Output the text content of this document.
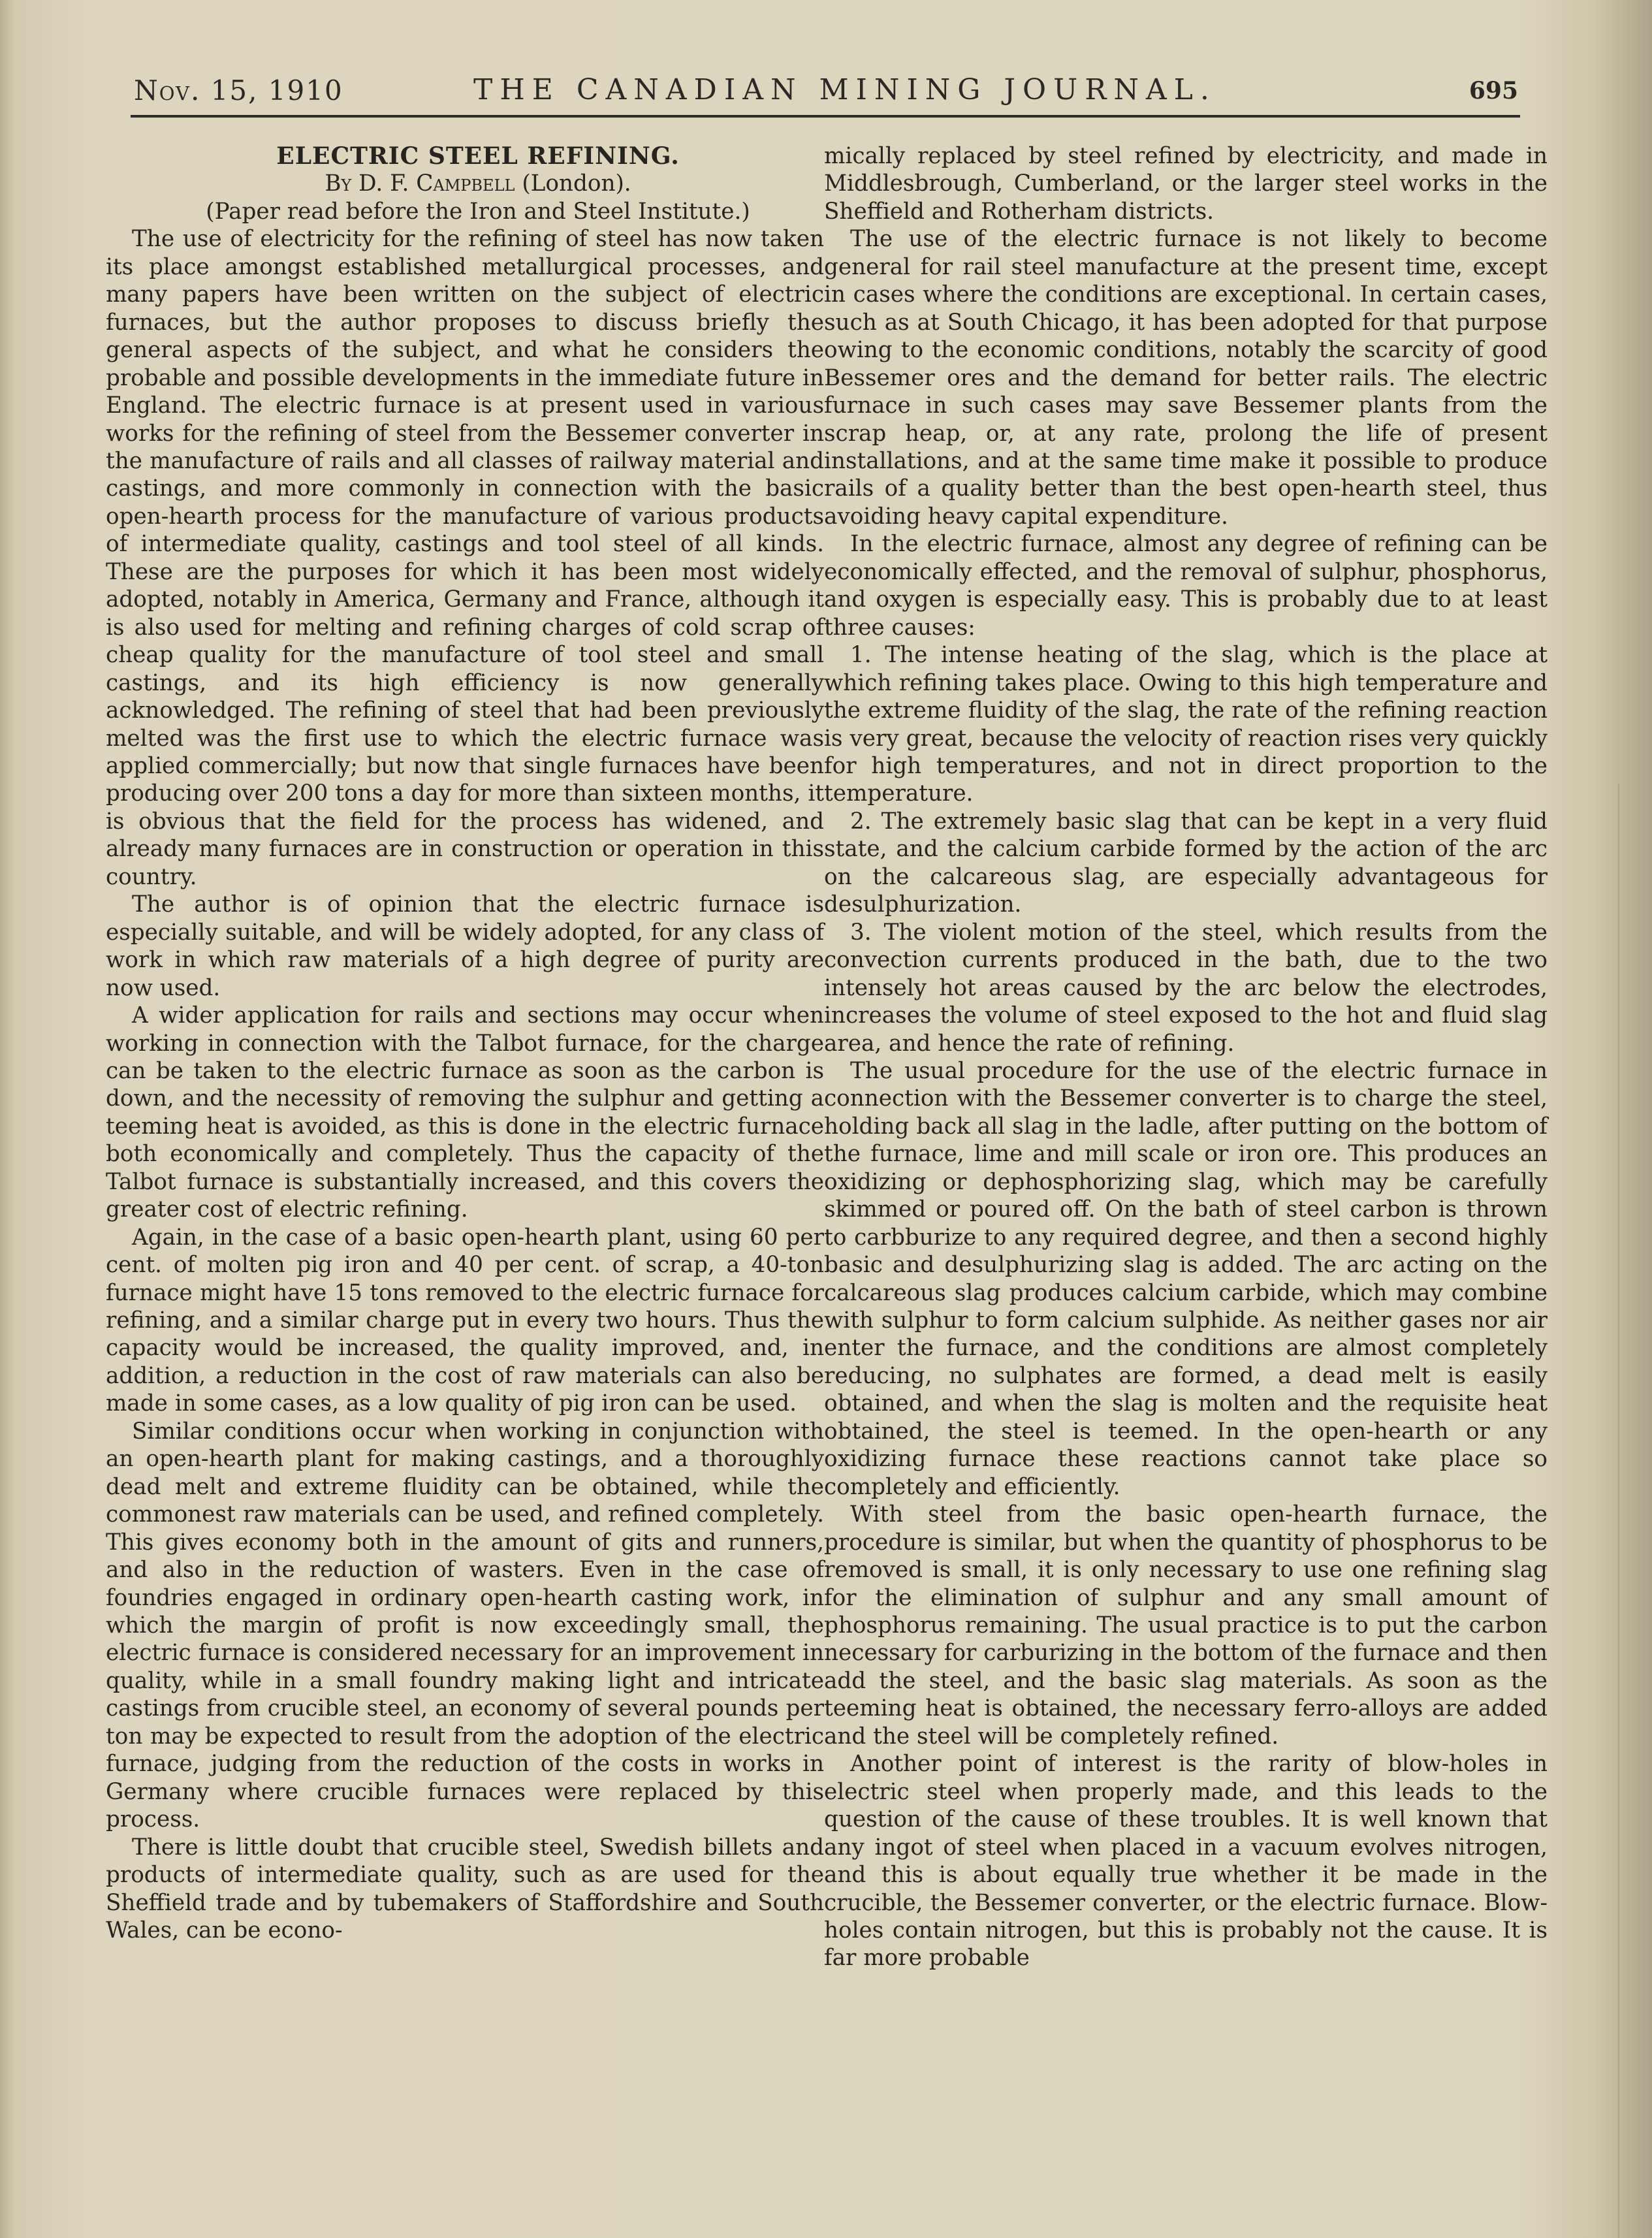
Nov. 15, 1910	THE CANADIAN MINING JOURNAL.	695

ELECTRIC STEEL REFINING.

By D. F. Campbell (London).

(Paper read before the Iron and Steel Institute.)

The use of electricity for the refining of steel has now taken its place amongst established metallurgical processes, and many papers have been written on the subject of electric furnaces, but the author proposes to discuss briefly the general aspects of the subject, and what he considers the probable and possible developments in the immediate future in England. The electric furnace is at present used in various works for the refining of steel from the Bessemer converter in the manufacture of rails and all classes of railway material and castings, and more commonly in connection with the basic open-hearth process for the manufacture of various products of intermediate quality, castings and tool steel of all kinds. These are the purposes for which it has been most widely adopted, notably in America, Germany and France, although it is also used for melting and refining charges of cold scrap of cheap quality for the manufacture of tool steel and small castings, and its high efficiency is now generally acknowledged. The refining of steel that had been previously melted was the first use to which the electric furnace was applied commercially; but now that single furnaces have been producing over 200 tons a day for more than sixteen months, it is obvious that the field for the process has widened, and already many furnaces are in construction or operation in this country.

The author is of opinion that the electric furnace is especially suitable, and will be widely adopted, for any class of work in which raw materials of a high degree of purity are now used.

A wider application for rails and sections may occur when working in connection with the Talbot furnace, for the charge can be taken to the electric furnace as soon as the carbon is down, and the necessity of removing the sulphur and getting a teeming heat is avoided, as this is done in the electric furnace both economically and completely. Thus the capacity of the Talbot furnace is substantially increased, and this covers the greater cost of electric refining.

Again, in the case of a basic open-hearth plant, using 60 per cent. of molten pig iron and 40 per cent. of scrap, a 40-ton furnace might have 15 tons removed to the electric furnace for refining, and a similar charge put in every two hours. Thus the capacity would be increased, the quality improved, and, in addition, a reduction in the cost of raw materials can also be made in some cases, as a low quality of pig iron can be used.

Similar conditions occur when working in conjunction with an open-hearth plant for making castings, and a thoroughly dead melt and extreme fluidity can be obtained, while the commonest raw materials can be used, and refined completely. This gives economy both in the amount of gits and runners, and also in the reduction of wasters. Even in the case of foundries engaged in ordinary open-hearth casting work, in which the margin of profit is now exceedingly small, the electric furnace is considered necessary for an improvement in quality, while in a small foundry making light and intricate castings from crucible steel, an economy of several pounds per ton may be expected to result from the adoption of the electric furnace, judging from the reduction of the costs in works in Germany where crucible furnaces were replaced by this process.

There is little doubt that crucible steel, Swedish billets and products of intermediate quality, such as are used for the Sheffield trade and by tubemakers of Staffordshire and South Wales, can be econo-

mically replaced by steel refined by electricity, and made in Middlesbrough, Cumberland, or the larger steel works in the Sheffield and Rotherham districts.

The use of the electric furnace is not likely to become general for rail steel manufacture at the present time, except in cases where the conditions are exceptional. In certain cases, such as at South Chicago, it has been adopted for that purpose owing to the economic conditions, notably the scarcity of good Bessemer ores and the demand for better rails. The electric furnace in such cases may save Bessemer plants from the scrap heap, or, at any rate, prolong the life of present installations, and at the same time make it possible to produce rails of a quality better than the best open-hearth steel, thus avoiding heavy capital expenditure.

In the electric furnace, almost any degree of refining can be economically effected, and the removal of sulphur, phosphorus, and oxygen is especially easy. This is probably due to at least three causes:

1. The intense heating of the slag, which is the place at which refining takes place. Owing to this high temperature and the extreme fluidity of the slag, the rate of the refining reaction is very great, because the velocity of reaction rises very quickly for high temperatures, and not in direct proportion to the temperature.

2. The extremely basic slag that can be kept in a very fluid state, and the calcium carbide formed by the action of the arc on the calcareous slag, are especially advantageous for desulphurization.

3. The violent motion of the steel, which results from the convection currents produced in the bath, due to the two intensely hot areas caused by the arc below the electrodes, increases the volume of steel exposed to the hot and fluid slag area, and hence the rate of refining.

The usual procedure for the use of the electric furnace in connection with the Bessemer converter is to charge the steel, holding back all slag in the ladle, after putting on the bottom of the furnace, lime and mill scale or iron ore. This produces an oxidizing or dephosphorizing slag, which may be carefully skimmed or poured off. On the bath of steel carbon is thrown to carbburize to any required degree, and then a second highly basic and desulphurizing slag is added. The arc acting on the calcareous slag produces calcium carbide, which may combine with sulphur to form calcium sulphide. As neither gases nor air enter the furnace, and the conditions are almost completely reducing, no sulphates are formed, a dead melt is easily obtained, and when the slag is molten and the requisite heat obtained, the steel is teemed. In the open-hearth or any oxidizing furnace these reactions cannot take place so completely and efficiently.

With steel from the basic open-hearth furnace, the procedure is similar, but when the quantity of phosphorus to be removed is small, it is only necessary to use one refining slag for the elimination of sulphur and any small amount of phosphorus remaining. The usual practice is to put the carbon necessary for carburizing in the bottom of the furnace and then add the steel, and the basic slag materials. As soon as the teeming heat is obtained, the necessary ferro-alloys are added and the steel will be completely refined.

Another point of interest is the rarity of blow-holes in electric steel when properly made, and this leads to the question of the cause of these troubles. It is well known that any ingot of steel when placed in a vacuum evolves nitrogen, and this is about equally true whether it be made in the crucible, the Bessemer converter, or the electric furnace. Blow-holes contain nitrogen, but this is probably not the cause. It is far more probable
